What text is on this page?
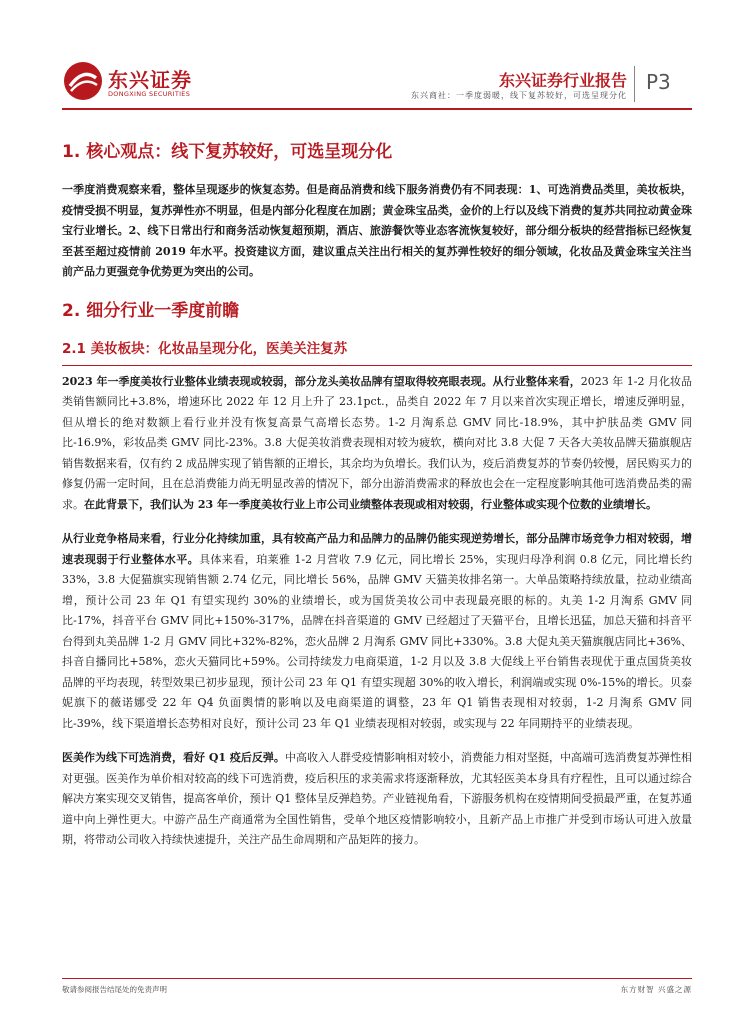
东兴证券
DONGXING SECURITIES
东兴证券行业报告
东兴商社：一季度弱暖，线下复苏较好，可选呈现分化
P3
1. 核心观点：线下复苏较好，可选呈现分化

一季度消费观察来看，整体呈现逐步的恢复态势。但是商品消费和线下服务消费仍有不同表现：1、可选消费品类里，美妆板块，疫情受损不明显，复苏弹性亦不明显，但是内部分化程度在加剧；黄金珠宝品类，金价的上行以及线下消费的复苏共同拉动黄金珠宝行业增长。2、线下日常出行和商务活动恢复超预期，酒店、旅游餐饮等业态客流恢复较好，部分细分板块的经营指标已经恢复至甚至超过疫情前 2019 年水平。投资建议方面，建议重点关注出行相关的复苏弹性较好的细分领域，化妆品及黄金珠宝关注当前产品力更强竞争优势更为突出的公司。

2. 细分行业一季度前瞻
2.1 美妆板块：化妆品呈现分化，医美关注复苏

2023 年一季度美妆行业整体业绩表现或较弱，部分龙头美妆品牌有望取得较亮眼表现。从行业整体来看，2023 年 1-2 月化妆品类销售额同比+3.8%，增速环比 2022 年 12 月上升了 23.1pct.，品类自 2022 年 7 月以来首次实现正增长，增速反弹明显，但从增长的绝对数额上看行业并没有恢复高景气高增长态势。1-2 月淘系总 GMV 同比-18.9%，其中护肤品类 GMV 同比-16.9%，彩妆品类 GMV 同比-23%。3.8 大促美妆消费表现相对较为疲软，横向对比 3.8 大促 7 天各大美妆品牌天猫旗舰店销售数据来看，仅有约 2 成品牌实现了销售额的正增长，其余均为负增长。我们认为，疫后消费复苏的节奏仍较慢，居民购买力的修复仍需一定时间，且在总消费能力尚无明显改善的情况下，部分出游消费需求的释放也会在一定程度影响其他可选消费品类的需求。在此背景下，我们认为 23 年一季度美妆行业上市公司业绩整体表现或相对较弱，行业整体或实现个位数的业绩增长。

从行业竞争格局来看，行业分化持续加重，具有较高产品力和品牌力的品牌仍能实现逆势增长，部分品牌市场竞争力相对较弱，增速表现弱于行业整体水平。具体来看，珀莱雅 1-2 月营收 7.9 亿元，同比增长 25%，实现归母净利润 0.8 亿元，同比增长约 33%，3.8 大促猫旗实现销售额 2.74 亿元，同比增长 56%，品牌 GMV 天猫美妆排名第一。大单品策略持续放量，拉动业绩高增，预计公司 23 年 Q1 有望实现约 30%的业绩增长，或为国货美妆公司中表现最亮眼的标的。丸美 1-2 月淘系 GMV 同比-17%，抖音平台 GMV 同比+150%-317%，品牌在抖音渠道的 GMV 已经超过了天猫平台，且增长迅猛，加总天猫和抖音平台得到丸美品牌 1-2 月 GMV 同比+32%-82%，恋火品牌 2 月淘系 GMV 同比+330%。3.8 大促丸美天猫旗舰店同比+36%、抖音自播同比+58%，恋火天猫同比+59%。公司持续发力电商渠道，1-2 月以及 3.8 大促线上平台销售表现优于重点国货美妆品牌的平均表现，转型效果已初步显现，预计公司 23 年 Q1 有望实现超 30%的收入增长，利润端或实现 0%-15%的增长。贝泰妮旗下的薇诺娜受 22 年 Q4 负面舆情的影响以及电商渠道的调整，23 年 Q1 销售表现相对较弱，1-2 月淘系 GMV 同比-39%，线下渠道增长态势相对良好，预计公司 23 年 Q1 业绩表现相对较弱，或实现与 22 年同期持平的业绩表现。

医美作为线下可选消费，看好 Q1 疫后反弹。中高收入人群受疫情影响相对较小，消费能力相对坚挺，中高端可选消费复苏弹性相对更强。医美作为单价相对较高的线下可选消费，疫后积压的求美需求将逐渐释放，尤其轻医美本身具有疗程性，且可以通过综合解决方案实现交叉销售，提高客单价，预计 Q1 整体呈反弹趋势。产业链视角看，下游服务机构在疫情期间受损最严重，在复苏通道中向上弹性更大。中游产品生产商通常为全国性销售，受单个地区疫情影响较小，且新产品上市推广并受到市场认可进入放量期，将带动公司收入持续快速提升，关注产品生命周期和产品矩阵的接力。

敬请参阅报告结尾处的免责声明	东方财智 兴盛之源
